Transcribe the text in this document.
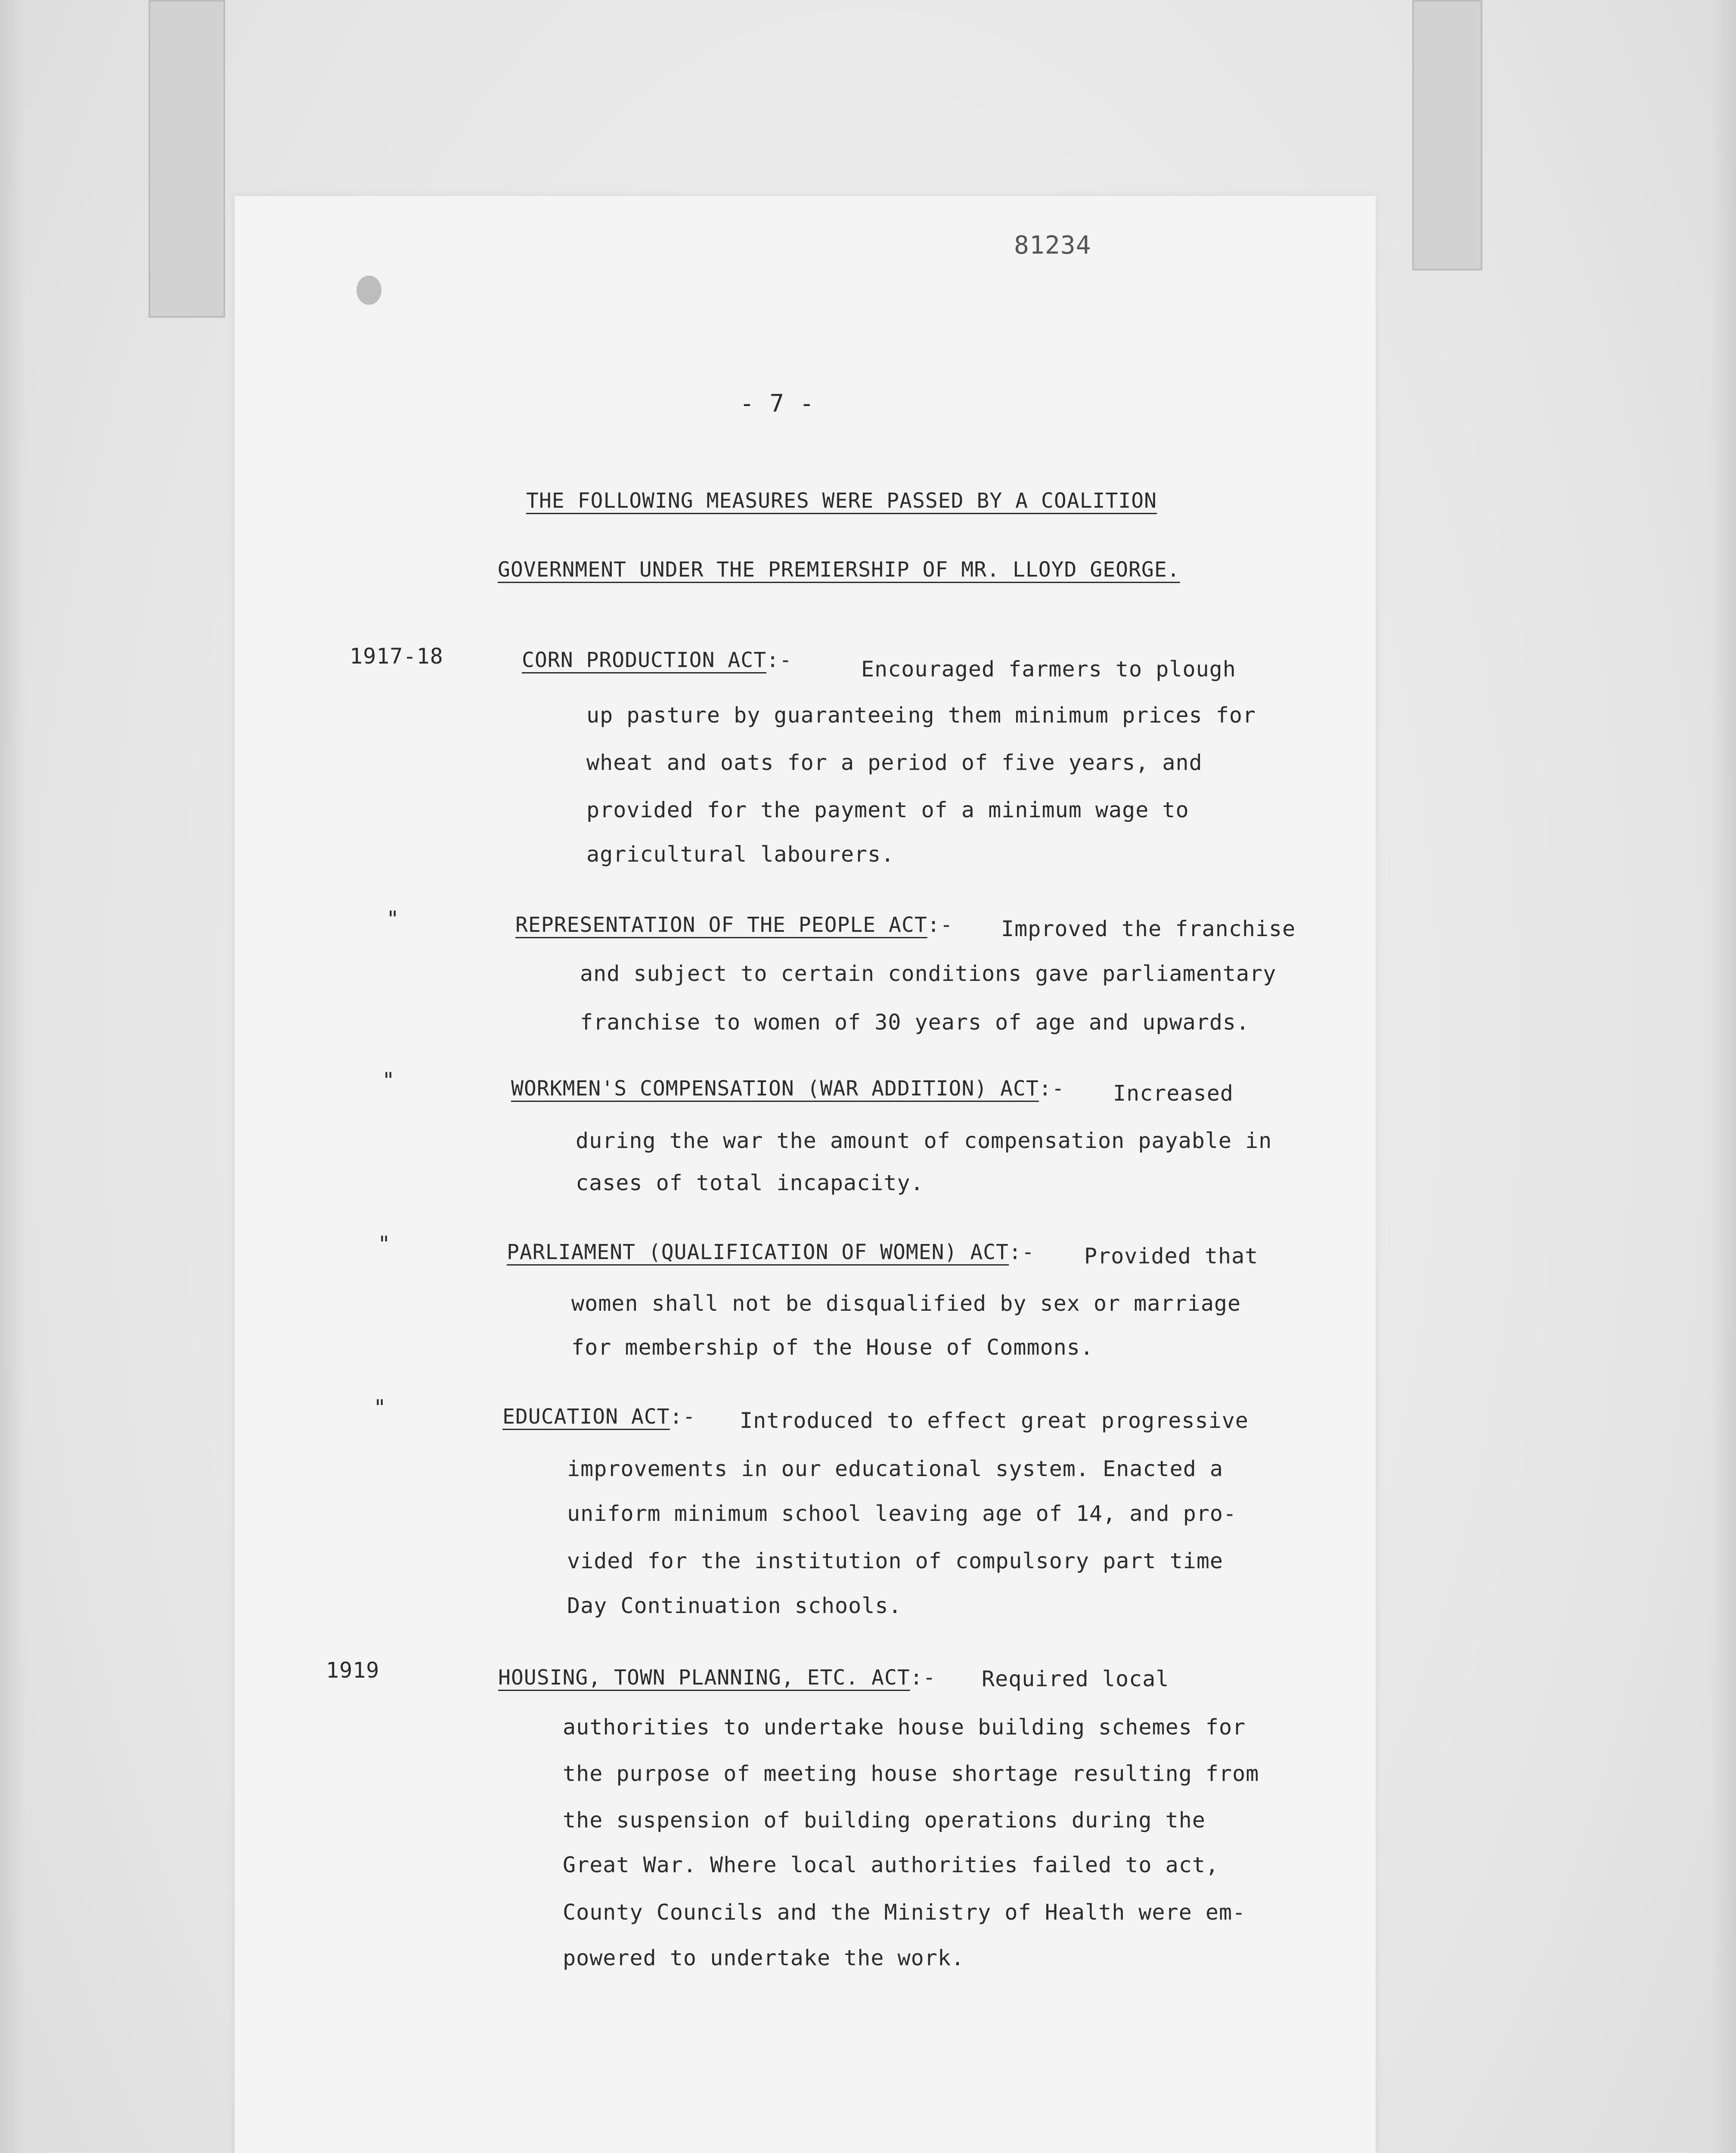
81234
- 7 -
THE FOLLOWING MEASURES WERE PASSED BY A COALITION
GOVERNMENT UNDER THE PREMIERSHIP OF MR. LLOYD GEORGE.
1917-18	CORN PRODUCTION ACT:-	Encouraged farmers to plough
up pasture by guaranteeing them minimum prices for
wheat and oats for a period of five years, and
provided for the payment of a minimum wage to
agricultural labourers.
"	REPRESENTATION OF THE PEOPLE ACT:- Improved the franchise
and subject to certain conditions gave parliamentary
franchise to women of 30 years of age and upwards.
"	WORKMEN'S COMPENSATION (WAR ADDITION) ACT:- Increased
during the war the amount of compensation payable in
cases of total incapacity.
"	PARLIAMENT (QUALIFICATION OF WOMEN) ACT:- Provided that
women shall not be disqualified by sex or marriage
for membership of the House of Commons.
"	EDUCATION ACT:- Introduced to effect great progressive
improvements in our educational system. Enacted a
uniform minimum school leaving age of 14, and pro-
vided for the institution of compulsory part time
Day Continuation schools.
1919	HOUSING, TOWN PLANNING, ETC. ACT:- Required local
authorities to undertake house building schemes for
the purpose of meeting house shortage resulting from
the suspension of building operations during the
Great War. Where local authorities failed to act,
County Councils and the Ministry of Health were em-
powered to undertake the work.
